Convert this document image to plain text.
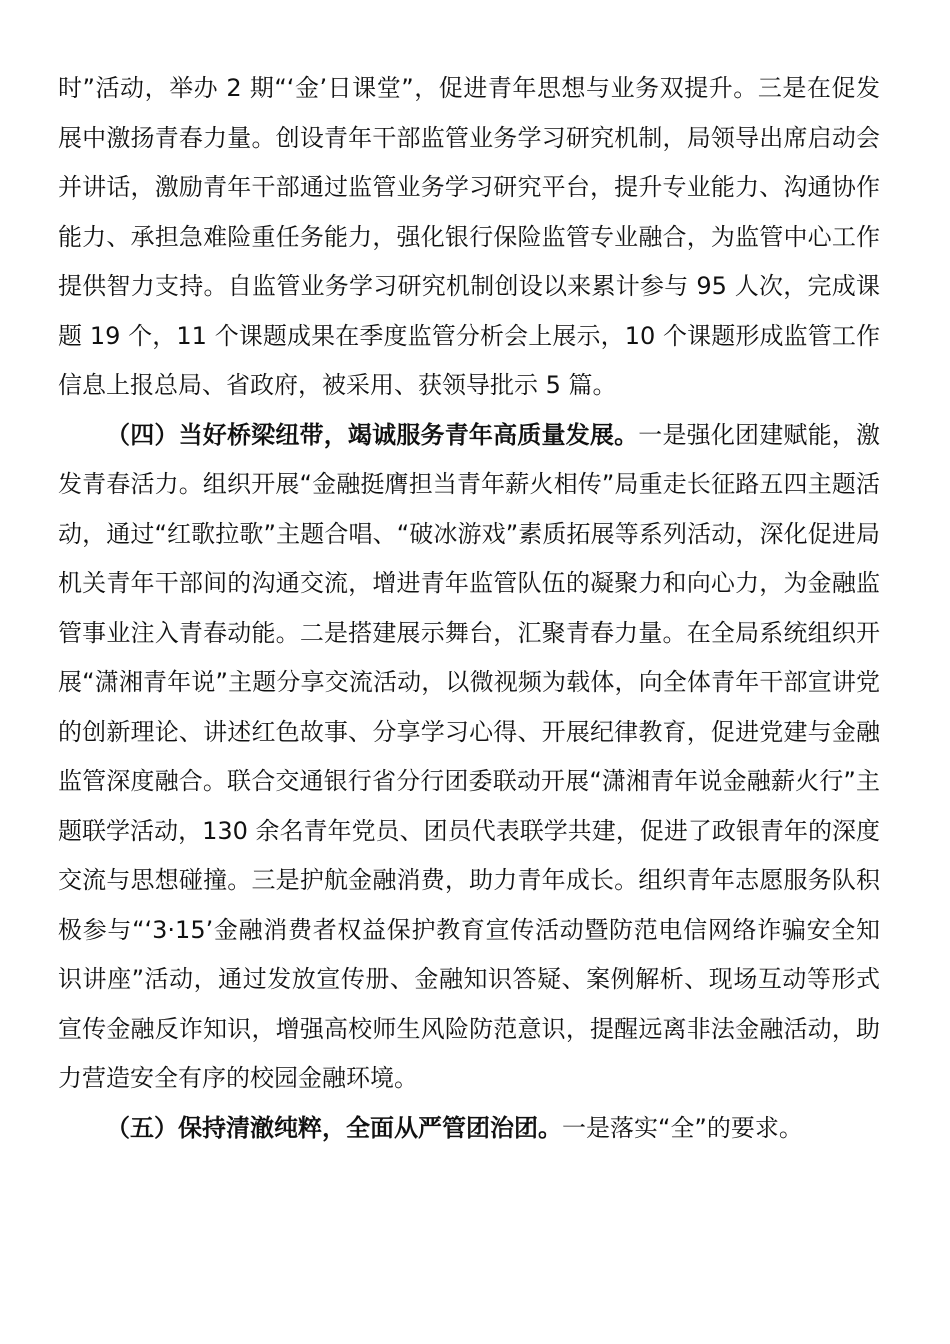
时”活动，举办 2 期“‘金’日课堂”，促进青年思想与业务双提升。三是在促发展中激扬青春力量。创设青年干部监管业务学习研究机制，局领导出席启动会并讲话，激励青年干部通过监管业务学习研究平台，提升专业能力、沟通协作能力、承担急难险重任务能力，强化银行保险监管专业融合，为监管中心工作提供智力支持。自监管业务学习研究机制创设以来累计参与 95 人次，完成课题 19 个，11 个课题成果在季度监管分析会上展示，10 个课题形成监管工作信息上报总局、省政府，被采用、获领导批示 5 篇。

（四）当好桥梁纽带，竭诚服务青年高质量发展。一是强化团建赋能，激发青春活力。组织开展“金融挺膺担当青年薪火相传”局重走长征路五四主题活动，通过“红歌拉歌”主题合唱、“破冰游戏”素质拓展等系列活动，深化促进局机关青年干部间的沟通交流，增进青年监管队伍的凝聚力和向心力，为金融监管事业注入青春动能。二是搭建展示舞台，汇聚青春力量。在全局系统组织开展“潇湘青年说”主题分享交流活动，以微视频为载体，向全体青年干部宣讲党的创新理论、讲述红色故事、分享学习心得、开展纪律教育，促进党建与金融监管深度融合。联合交通银行省分行团委联动开展“潇湘青年说金融薪火行”主题联学活动，130 余名青年党员、团员代表联学共建，促进了政银青年的深度交流与思想碰撞。三是护航金融消费，助力青年成长。组织青年志愿服务队积极参与“‘3·15’金融消费者权益保护教育宣传活动暨防范电信网络诈骗安全知识讲座”活动，通过发放宣传册、金融知识答疑、案例解析、现场互动等形式宣传金融反诈知识，增强高校师生风险防范意识，提醒远离非法金融活动，助力营造安全有序的校园金融环境。

（五）保持清澈纯粹，全面从严管团治团。一是落实“全”的要求。
